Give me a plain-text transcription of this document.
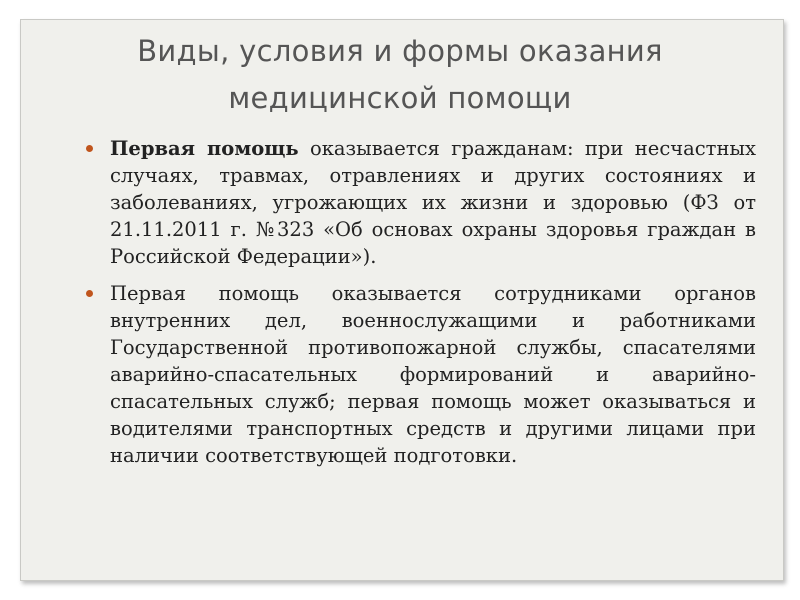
Виды, условия и формы оказания
медицинской помощи
Первая помощь оказывается гражданам: при несчастных случаях, травмах, отравлениях и других состояниях и заболеваниях, угрожающих их жизни и здоровью (ФЗ от 21.11.2011 г. №323 «Об основах охраны здоровья граждан в Российской Федерации»).
Первая помощь оказывается сотрудниками органов внутренних дел, военнослужащими и работниками Государственной противопожарной службы, спасателями аварийно-спасательных формирований и аварийно-спасательных служб; первая помощь может оказываться и водителями транспортных средств и другими лицами при наличии соответствующей подготовки.
